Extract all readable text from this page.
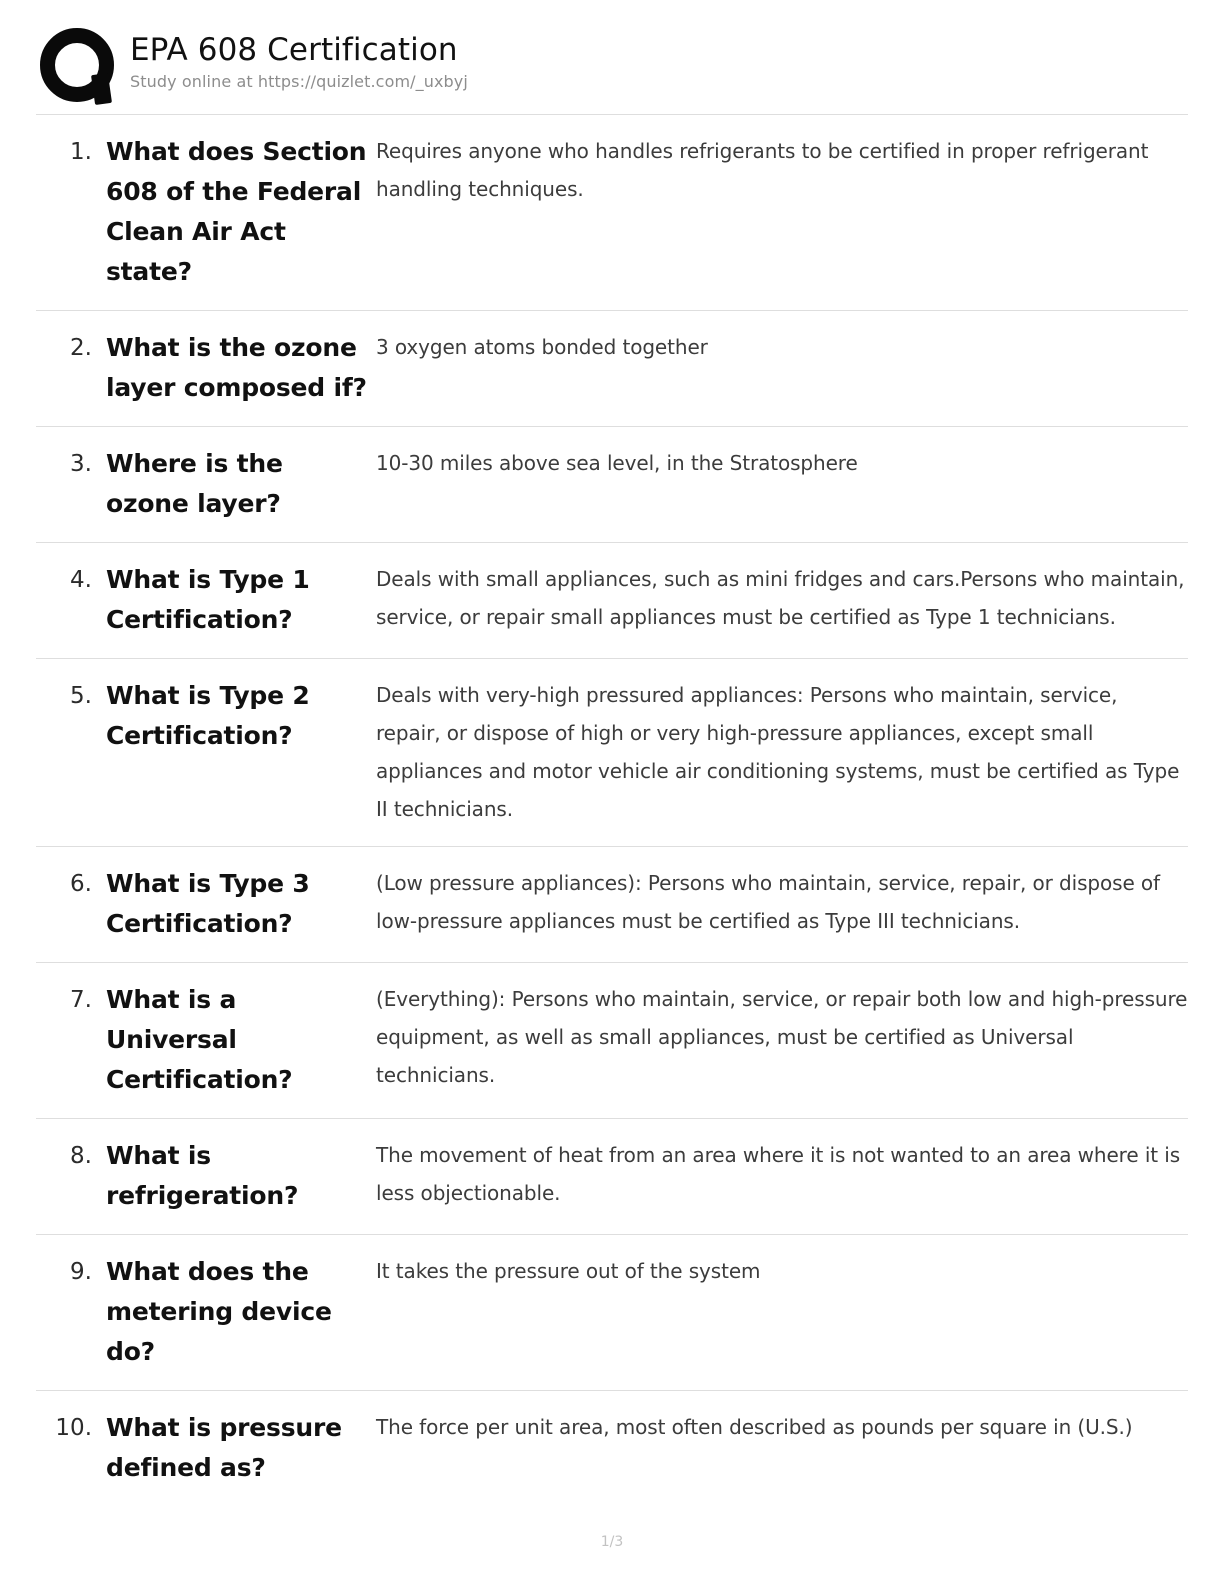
EPA 608 Certification
Study online at https://quizlet.com/_uxbyj
1. What does Section 608 of the Federal Clean Air Act state?
Requires anyone who handles refrigerants to be certified in proper refrigerant handling techniques.
2. What is the ozone layer composed if?
3 oxygen atoms bonded together
3. Where is the ozone layer?
10-30 miles above sea level, in the Stratosphere
4. What is Type 1 Certification?
Deals with small appliances, such as mini fridges and cars.Persons who maintain, service, or repair small appliances must be certified as Type 1 technicians.
5. What is Type 2 Certification?
Deals with very-high pressured appliances: Persons who maintain, service, repair, or dispose of high or very high-pressure appliances, except small appliances and motor vehicle air conditioning systems, must be certified as Type II technicians.
6. What is Type 3 Certification?
(Low pressure appliances): Persons who maintain, service, repair, or dispose of low-pressure appliances must be certified as Type III technicians.
7. What is a Universal Certification?
(Everything): Persons who maintain, service, or repair both low and high-pressure equipment, as well as small appliances, must be certified as Universal technicians.
8. What is refrigeration?
The movement of heat from an area where it is not wanted to an area where it is less objectionable.
9. What does the metering device do?
It takes the pressure out of the system
10. What is pressure defined as?
The force per unit area, most often described as pounds per square in (U.S.)
1/3
